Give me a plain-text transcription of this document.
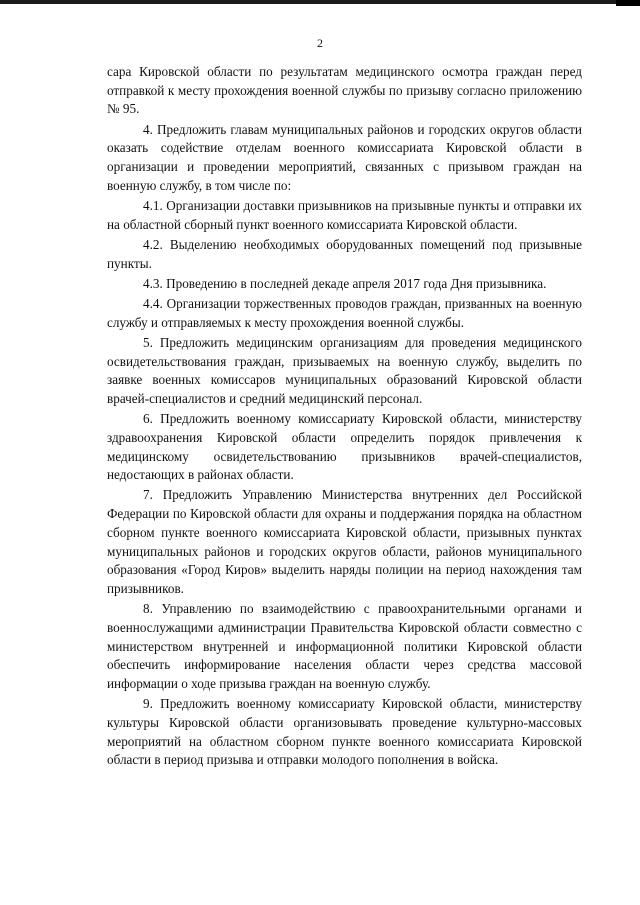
2

сара Кировской области по результатам медицинского осмотра граждан перед отправкой к месту прохождения военной службы по призыву согласно приложению № 95.

4. Предложить главам муниципальных районов и городских округов области оказать содействие отделам военного комиссариата Кировской области в организации и проведении мероприятий, связанных с призывом граждан на военную службу, в том числе по:

4.1. Организации доставки призывников на призывные пункты и отправки их на областной сборный пункт военного комиссариата Кировской области.

4.2. Выделению необходимых оборудованных помещений под призывные пункты.

4.3. Проведению в последней декаде апреля 2017 года Дня призывника.

4.4. Организации торжественных проводов граждан, призванных на военную службу и отправляемых к месту прохождения военной службы.

5. Предложить медицинским организациям для проведения медицинского освидетельствования граждан, призываемых на военную службу, выделить по заявке военных комиссаров муниципальных образований Кировской области врачей-специалистов и средний медицинский персонал.

6. Предложить военному комиссариату Кировской области, министерству здравоохранения Кировской области определить порядок привлечения к медицинскому освидетельствованию призывников врачей-специалистов, недостающих в районах области.

7. Предложить Управлению Министерства внутренних дел Российской Федерации по Кировской области для охраны и поддержания порядка на областном сборном пункте военного комиссариата Кировской области, призывных пунктах муниципальных районов и городских округов области, районов муниципального образования «Город Киров» выделить наряды полиции на период нахождения там призывников.

8. Управлению по взаимодействию с правоохранительными органами и военнослужащими администрации Правительства Кировской области совместно с министерством внутренней и информационной политики Кировской области обеспечить информирование населения области через средства массовой информации о ходе призыва граждан на военную службу.

9. Предложить военному комиссариату Кировской области, министерству культуры Кировской области организовывать проведение культурно-массовых мероприятий на областном сборном пункте военного комиссариата Кировской области в период призыва и отправки молодого пополнения в войска.
